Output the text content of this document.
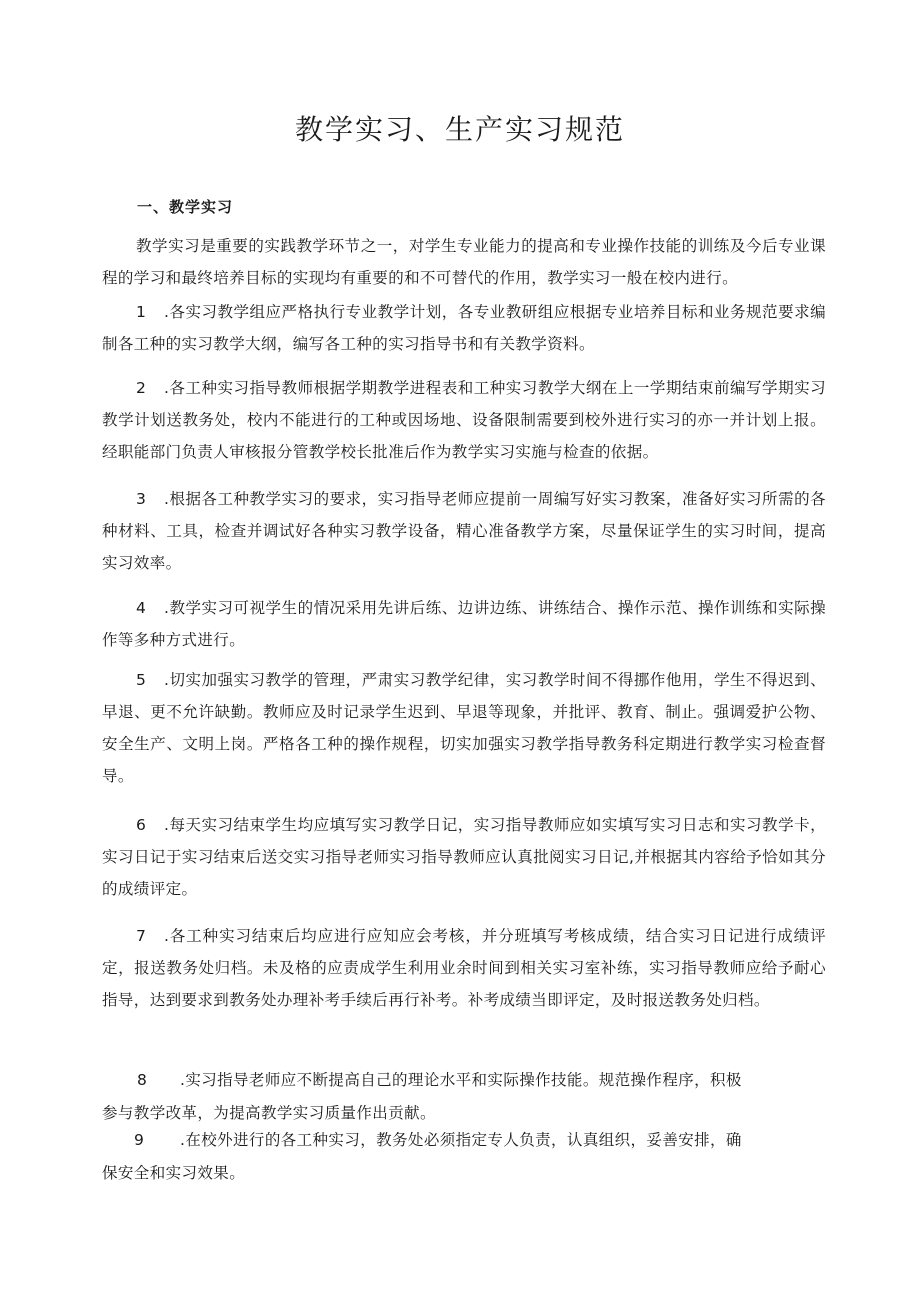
教学实习、生产实习规范
一、教学实习

教学实习是重要的实践教学环节之一，对学生专业能力的提高和专业操作技能的训练及今后专业课程的学习和最终培养目标的实现均有重要的和不可替代的作用，教学实习一般在校内进行。

1 .各实习教学组应严格执行专业教学计划，各专业教研组应根据专业培养目标和业务规范要求编制各工种的实习教学大纲，编写各工种的实习指导书和有关教学资料。

2 .各工种实习指导教师根据学期教学进程表和工种实习教学大纲在上一学期结束前编写学期实习教学计划送教务处，校内不能进行的工种或因场地、设备限制需要到校外进行实习的亦一并计划上报。经职能部门负责人审核报分管教学校长批准后作为教学实习实施与检查的依据。

3 .根据各工种教学实习的要求，实习指导老师应提前一周编写好实习教案，准备好实习所需的各种材料、工具，检查并调试好各种实习教学设备，精心准备教学方案，尽量保证学生的实习时间，提高实习效率。

4 .教学实习可视学生的情况采用先讲后练、边讲边练、讲练结合、操作示范、操作训练和实际操作等多种方式进行。

5 .切实加强实习教学的管理，严肃实习教学纪律，实习教学时间不得挪作他用，学生不得迟到、早退、更不允许缺勤。教师应及时记录学生迟到、早退等现象，并批评、教育、制止。强调爱护公物、安全生产、文明上岗。严格各工种的操作规程，切实加强实习教学指导教务科定期进行教学实习检查督导。

6 .每天实习结束学生均应填写实习教学日记，实习指导教师应如实填写实习日志和实习教学卡，实习日记于实习结束后送交实习指导老师实习指导教师应认真批阅实习日记,并根据其内容给予恰如其分的成绩评定。

7 .各工种实习结束后均应进行应知应会考核，并分班填写考核成绩，结合实习日记进行成绩评定，报送教务处归档。未及格的应责成学生利用业余时间到相关实习室补练，实习指导教师应给予耐心指导，达到要求到教务处办理补考手续后再行补考。补考成绩当即评定，及时报送教务处归档。

8 .实习指导老师应不断提高自己的理论水平和实际操作技能。规范操作程序，积极
参与教学改革，为提高教学实习质量作出贡献。
9 .在校外进行的各工种实习，教务处必须指定专人负责，认真组织，妥善安排，确
保安全和实习效果。
